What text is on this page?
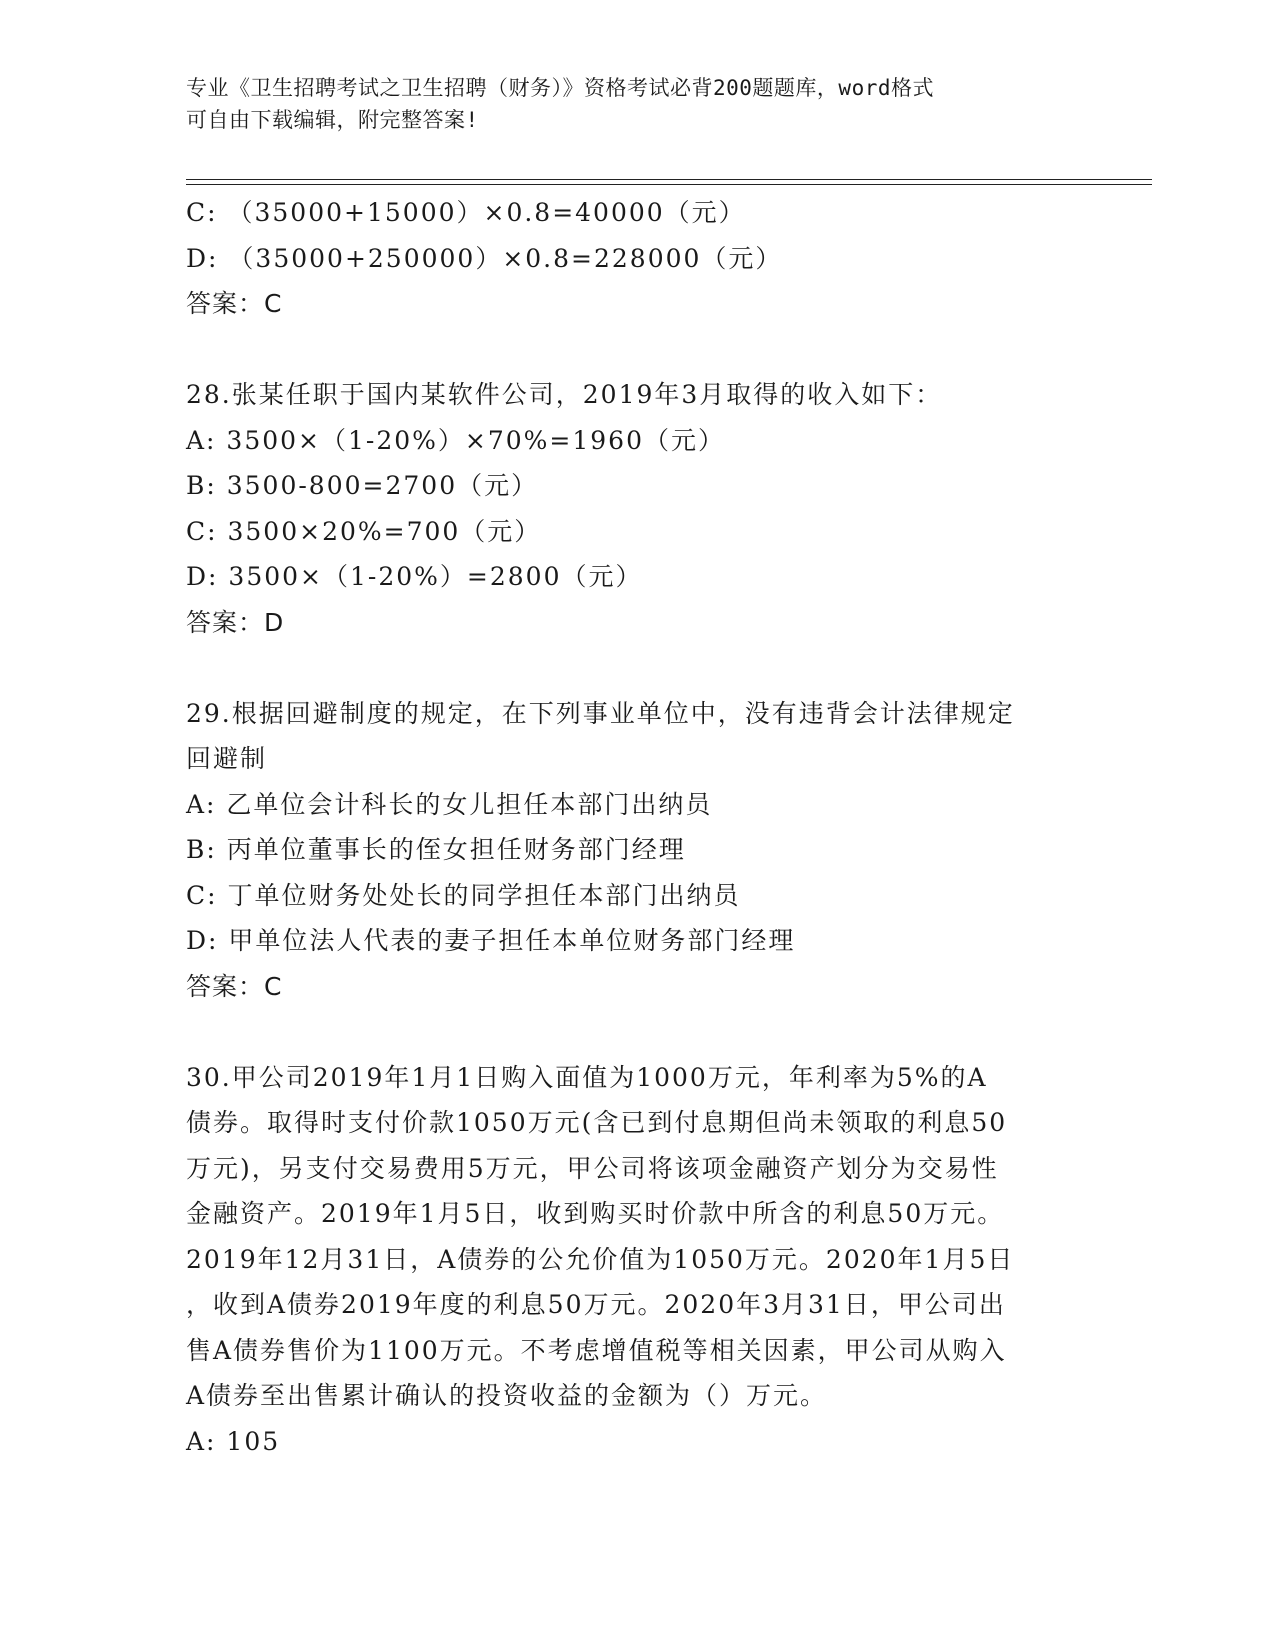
专业《卫生招聘考试之卫生招聘（财务）》资格考试必背200题题库，word格式
可自由下载编辑，附完整答案!
C: （35000+15000）×0.8=40000（元）
D: （35000+250000）×0.8=228000（元）
答案：C
28.张某任职于国内某软件公司，2019年3月取得的收入如下：
A: 3500×（1-20%）×70%=1960（元）
B: 3500-800=2700（元）
C: 3500×20%=700（元）
D: 3500×（1-20%）=2800（元）
答案：D
29.根据回避制度的规定，在下列事业单位中，没有违背会计法律规定
回避制
A: 乙单位会计科长的女儿担任本部门出纳员
B: 丙单位董事长的侄女担任财务部门经理
C: 丁单位财务处处长的同学担任本部门出纳员
D: 甲单位法人代表的妻子担任本单位财务部门经理
答案：C
30.甲公司2019年1月1日购入面值为1000万元，年利率为5%的A
债券。取得时支付价款1050万元(含已到付息期但尚未领取的利息50
万元)，另支付交易费用5万元，甲公司将该项金融资产划分为交易性
金融资产。2019年1月5日，收到购买时价款中所含的利息50万元。
2019年12月31日，A债券的公允价值为1050万元。2020年1月5日
，收到A债券2019年度的利息50万元。2020年3月31日，甲公司出
售A债券售价为1100万元。不考虑增值税等相关因素，甲公司从购入
A债券至出售累计确认的投资收益的金额为（）万元。
A: 105
